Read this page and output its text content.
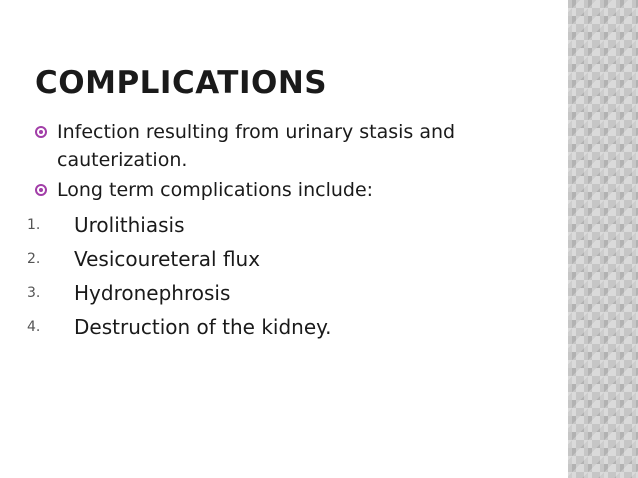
COMPLICATIONS
Infection resulting from urinary stasis and cauterization.
Long term complications include:
1. Urolithiasis
2. Vesicoureteral flux
3. Hydronephrosis
4. Destruction of the kidney.
